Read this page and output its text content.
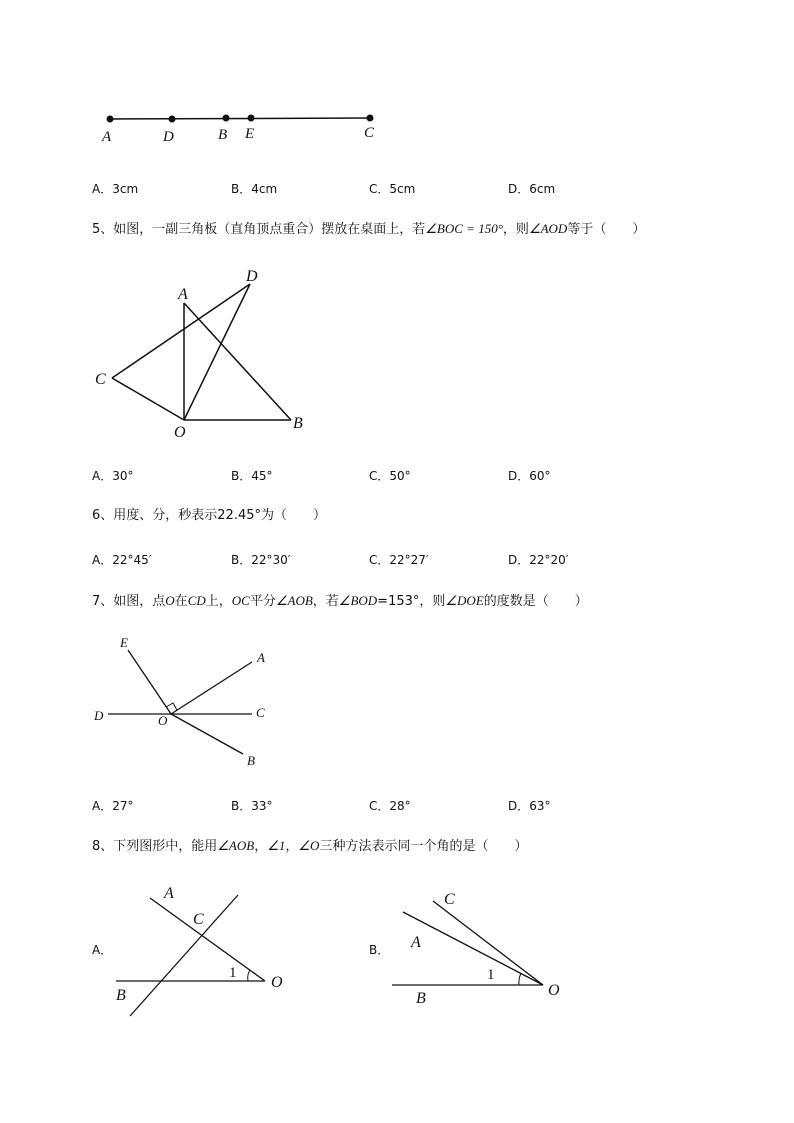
A	D	B E	C
A．3cm	B．4cm	C．5cm	D．6cm
5、如图，一副三角板（直角顶点重合）摆放在桌面上，若∠BOC = 150°，则∠AOD等于（　　）
A
D
C
O
B
A．30°	B．45°	C．50°	D．60°
6、用度、分，秒表示22.45°为（　　）
A．22°45′	B．22°30′	C．22°27′	D．22°20′
7、如图，点O在CD上，OC平分∠AOB，若∠BOD=153°，则∠DOE的度数是（　　）
E
A
D	O
C
B
A．27°	B．33°	C．28°	D．63°
8、下列图形中，能用∠AOB，∠1，∠O三种方法表示同一个角的是（　　）
A．
A
C
1
B
O
B．
C
A
1
B	O
